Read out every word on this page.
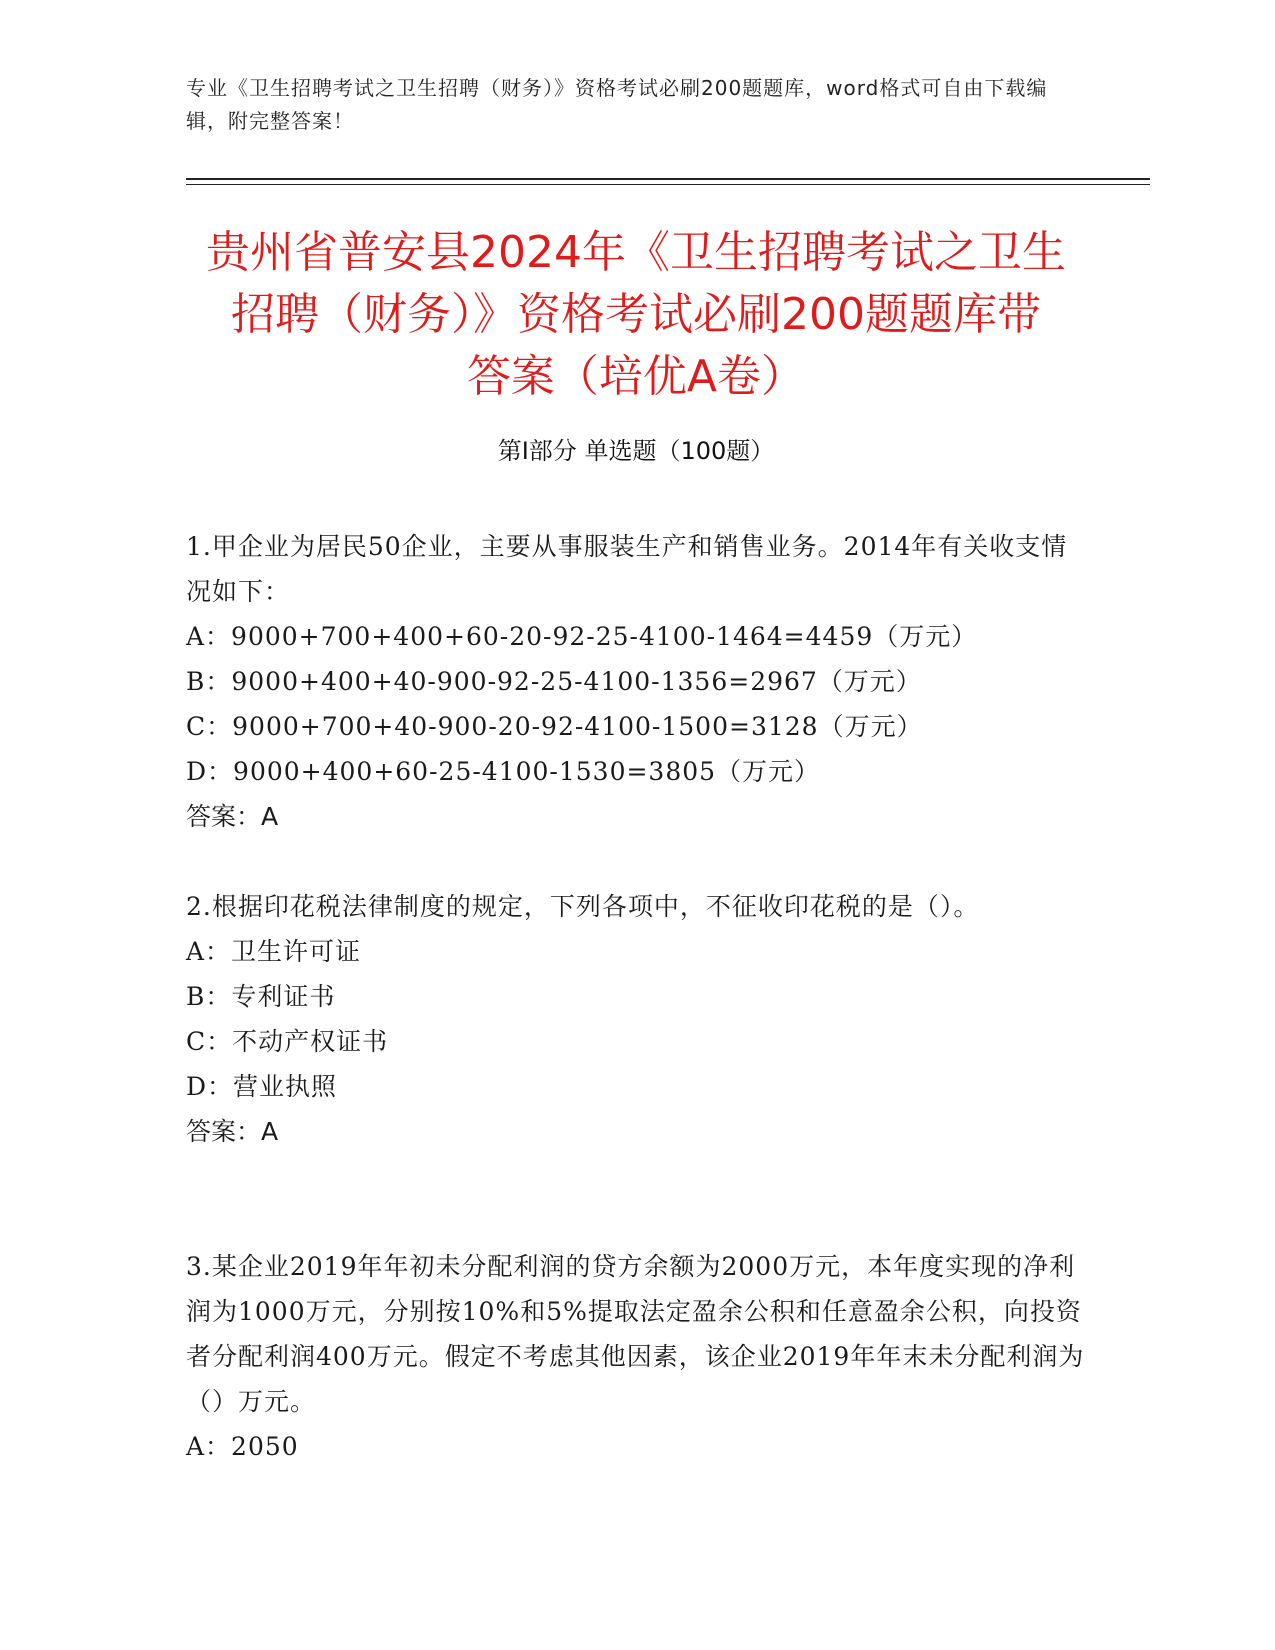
专业《卫生招聘考试之卫生招聘（财务）》资格考试必刷200题题库，word格式可自由下载编辑，附完整答案！
贵州省普安县2024年《卫生招聘考试之卫生
招聘（财务）》资格考试必刷200题题库带
答案（培优A卷）
第Ⅰ部分 单选题（100题）

1.甲企业为居民50企业，主要从事服装生产和销售业务。2014年有关收支情况如下：

A：9000+700+400+60-20-92-25-4100-1464=4459（万元）

B：9000+400+40-900-92-25-4100-1356=2967（万元）

C：9000+700+40-900-20-92-4100-1500=3128（万元）

D：9000+400+60-25-4100-1530=3805（万元）

答案：A

2.根据印花税法律制度的规定，下列各项中，不征收印花税的是（）。

A：卫生许可证

B：专利证书

C：不动产权证书

D：营业执照

答案：A

3.某企业2019年年初未分配利润的贷方余额为2000万元，本年度实现的净利润为1000万元，分别按10%和5%提取法定盈余公积和任意盈余公积，向投资者分配利润400万元。假定不考虑其他因素，该企业2019年年末未分配利润为（）万元。

A：2050
